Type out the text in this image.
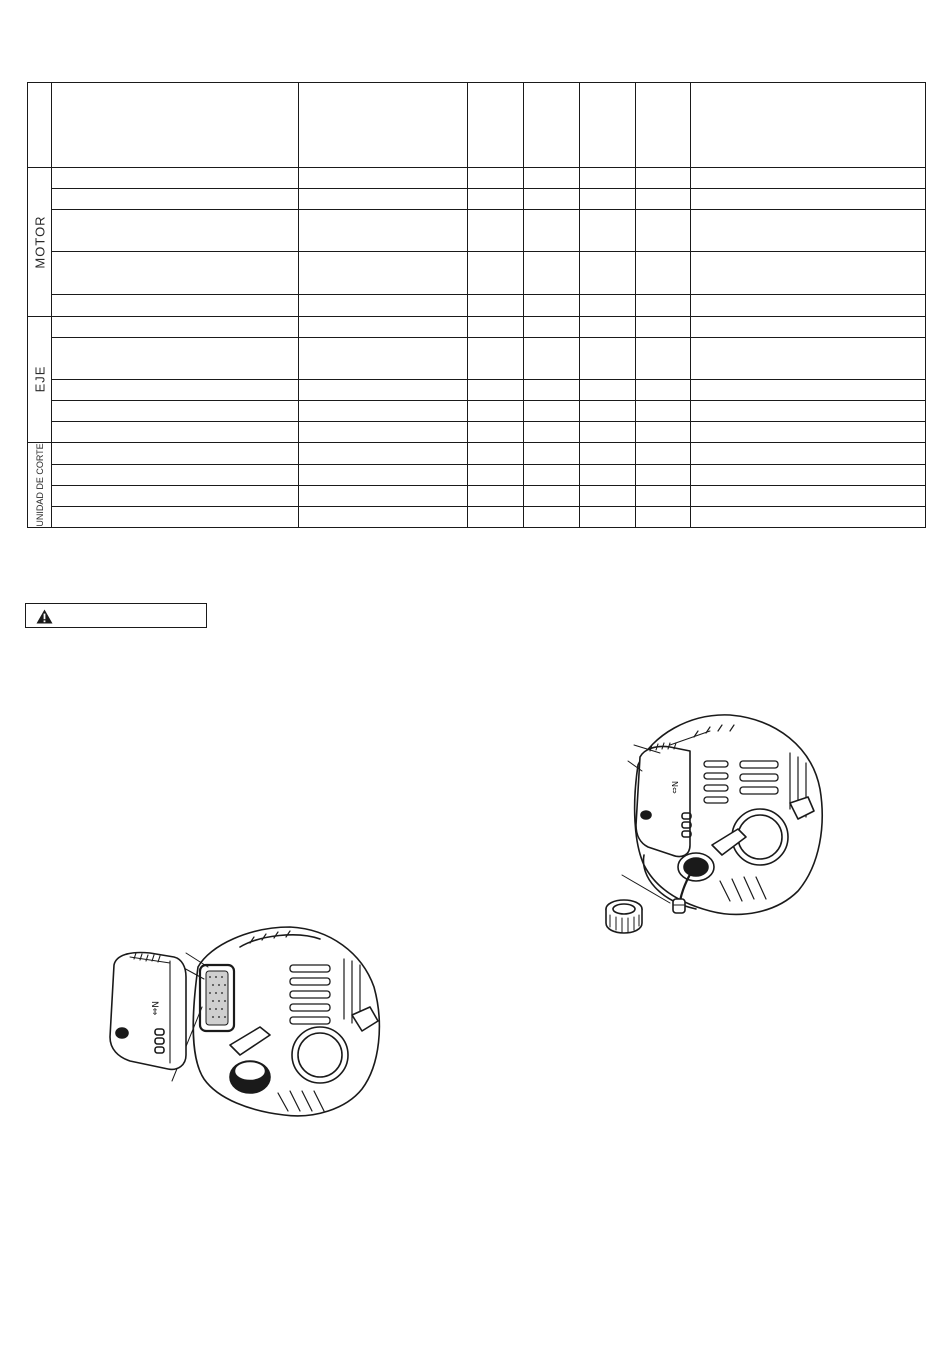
MOTOR							

EJE							

UNIDAD DE CORTE							

N⇔
N⇔
